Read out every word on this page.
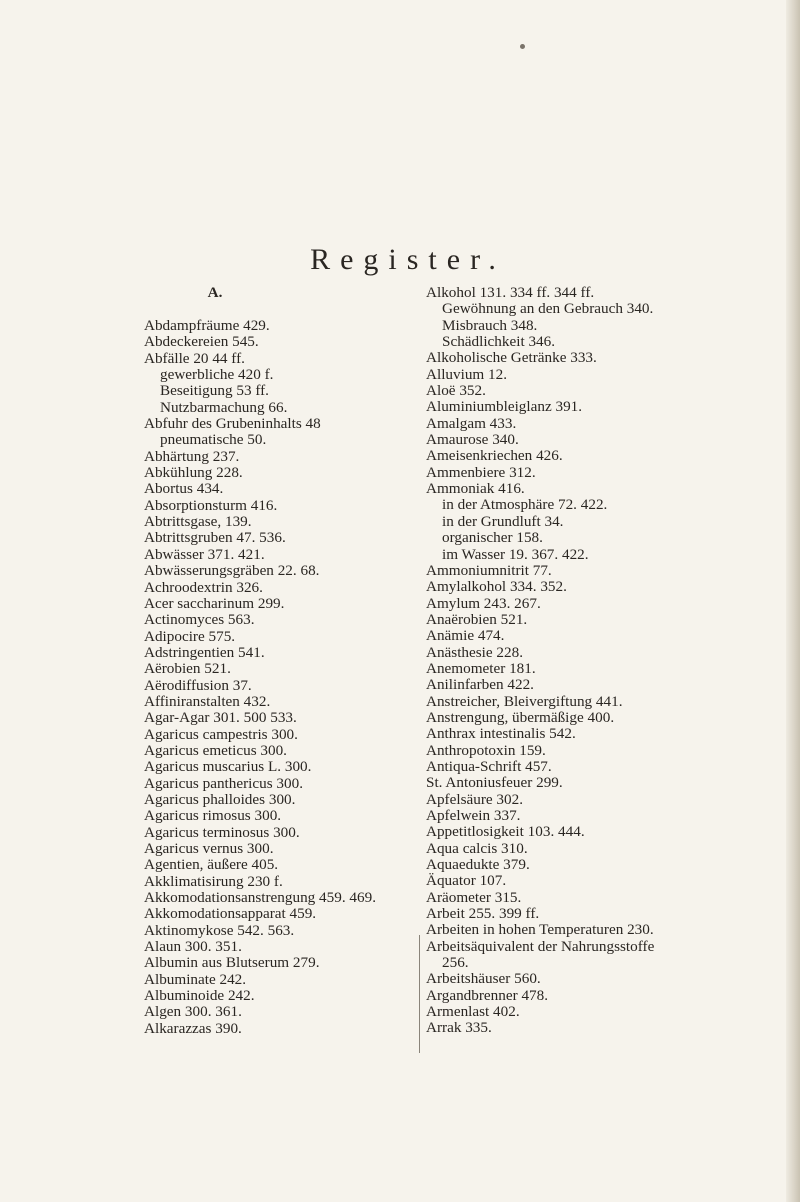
Register.
A.
Abdampfräume 429.
Abdeckereien 545.
Abfälle 20 44 ff.
gewerbliche 420 f.
Beseitigung 53 ff.
Nutzbarmachung 66.
Abfuhr des Grubeninhalts 48
pneumatische 50.
Abhärtung 237.
Abkühlung 228.
Abortus 434.
Absorptionsturm 416.
Abtrittsgase, 139.
Abtrittsgruben 47. 536.
Abwässer 371. 421.
Abwässerungsgräben 22. 68.
Achroodextrin 326.
Acer saccharinum 299.
Actinomyces 563.
Adipocire 575.
Adstringentien 541.
Aërobien 521.
Aërodiffusion 37.
Affiniranstalten 432.
Agar-Agar 301. 500 533.
Agaricus campestris 300.
Agaricus emeticus 300.
Agaricus muscarius L. 300.
Agaricus panthericus 300.
Agaricus phalloides 300.
Agaricus rimosus 300.
Agaricus terminosus 300.
Agaricus vernus 300.
Agentien, äußere 405.
Akklimatisirung 230 f.
Akkomodationsanstrengung 459. 469.
Akkomodationsapparat 459.
Aktinomykose 542. 563.
Alaun 300. 351.
Albumin aus Blutserum 279.
Albuminate 242.
Albuminoide 242.
Algen 300. 361.
Alkarazzas 390.
Alkohol 131. 334 ff. 344 ff.
Gewöhnung an den Gebrauch 340.
Misbrauch 348.
Schädlichkeit 346.
Alkoholische Getränke 333.
Alluvium 12.
Aloë 352.
Aluminiumbleiglanz 391.
Amalgam 433.
Amaurose 340.
Ameisenkriechen 426.
Ammenbiere 312.
Ammoniak 416.
in der Atmosphäre 72. 422.
in der Grundluft 34.
organischer 158.
im Wasser 19. 367. 422.
Ammoniumnitrit 77.
Amylalkohol 334. 352.
Amylum 243. 267.
Anaërobien 521.
Anämie 474.
Anästhesie 228.
Anemometer 181.
Anilinfarben 422.
Anstreicher, Bleivergiftung 441.
Anstrengung, übermäßige 400.
Anthrax intestinalis 542.
Anthropotoxin 159.
Antiqua-Schrift 457.
St. Antoniusfeuer 299.
Apfelsäure 302.
Apfelwein 337.
Appetitlosigkeit 103. 444.
Aqua calcis 310.
Aquaedukte 379.
Äquator 107.
Aräometer 315.
Arbeit 255. 399 ff.
Arbeiten in hohen Temperaturen 230.
Arbeitsäquivalent der Nahrungsstoffe
256.
Arbeitshäuser 560.
Argandbrenner 478.
Armenlast 402.
Arrak 335.
